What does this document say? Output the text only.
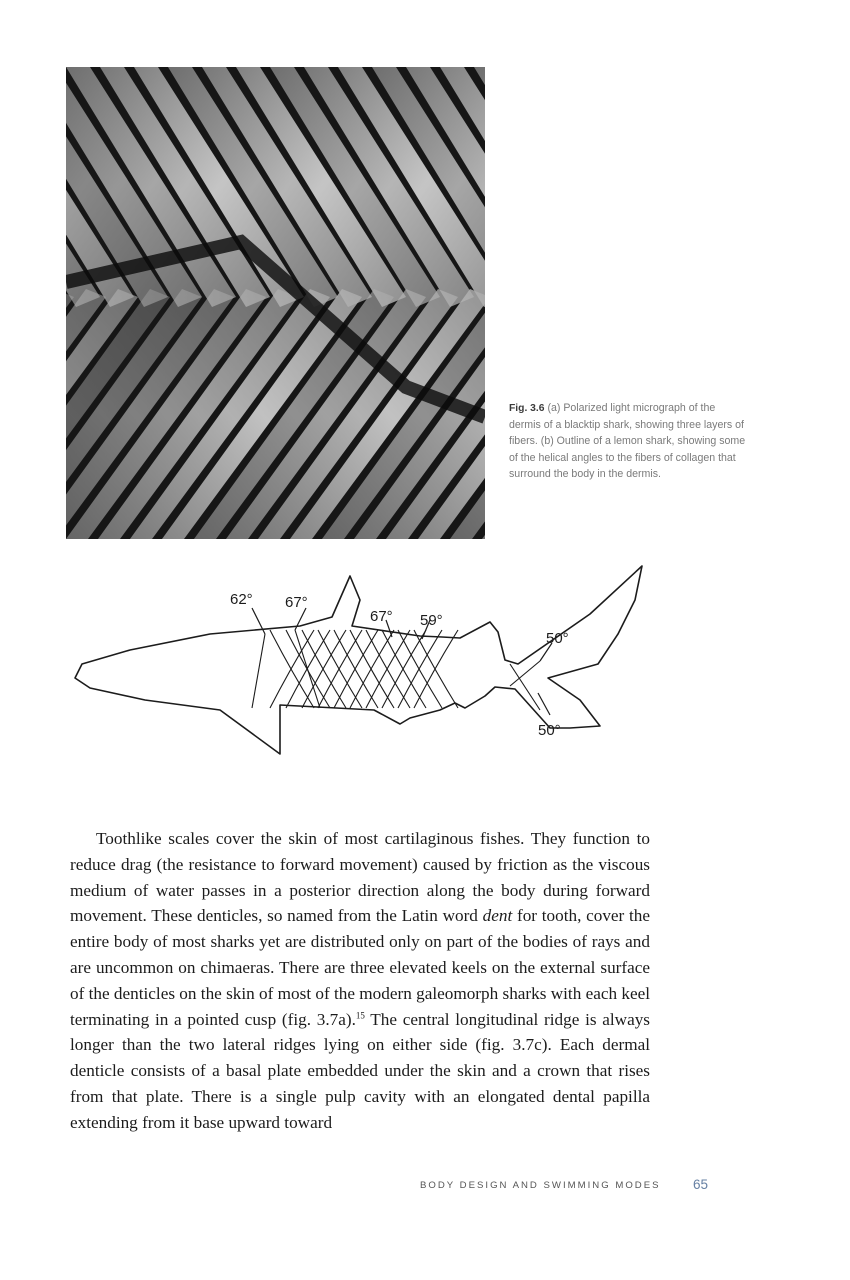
Fig. 3.6 (a) Polarized light micrograph of the dermis of a blacktip shark, showing three layers of fibers. (b) Outline of a lemon shark, showing some of the helical angles to the fibers of collagen that surround the body in the dermis.
62° 67°
67° 59°
50°
50°

Toothlike scales cover the skin of most cartilaginous fishes. They function to reduce drag (the resistance to forward movement) caused by friction as the viscous medium of water passes in a posterior direction along the body during forward movement. These denticles, so named from the Latin word dent for tooth, cover the entire body of most sharks yet are distributed only on part of the bodies of rays and are uncommon on chimaeras. There are three elevated keels on the external surface of the denticles on the skin of most of the modern galeomorph sharks with each keel terminating in a pointed cusp (fig. 3.7a).$^{15}$ The central longitudinal ridge is always longer than the two lateral ridges lying on either side (fig. 3.7c). Each dermal denticle consists of a basal plate embedded under the skin and a crown that rises from that plate. There is a single pulp cavity with an elongated dental papilla extending from it base upward toward

BODY DESIGN AND SWIMMING MODES 65
